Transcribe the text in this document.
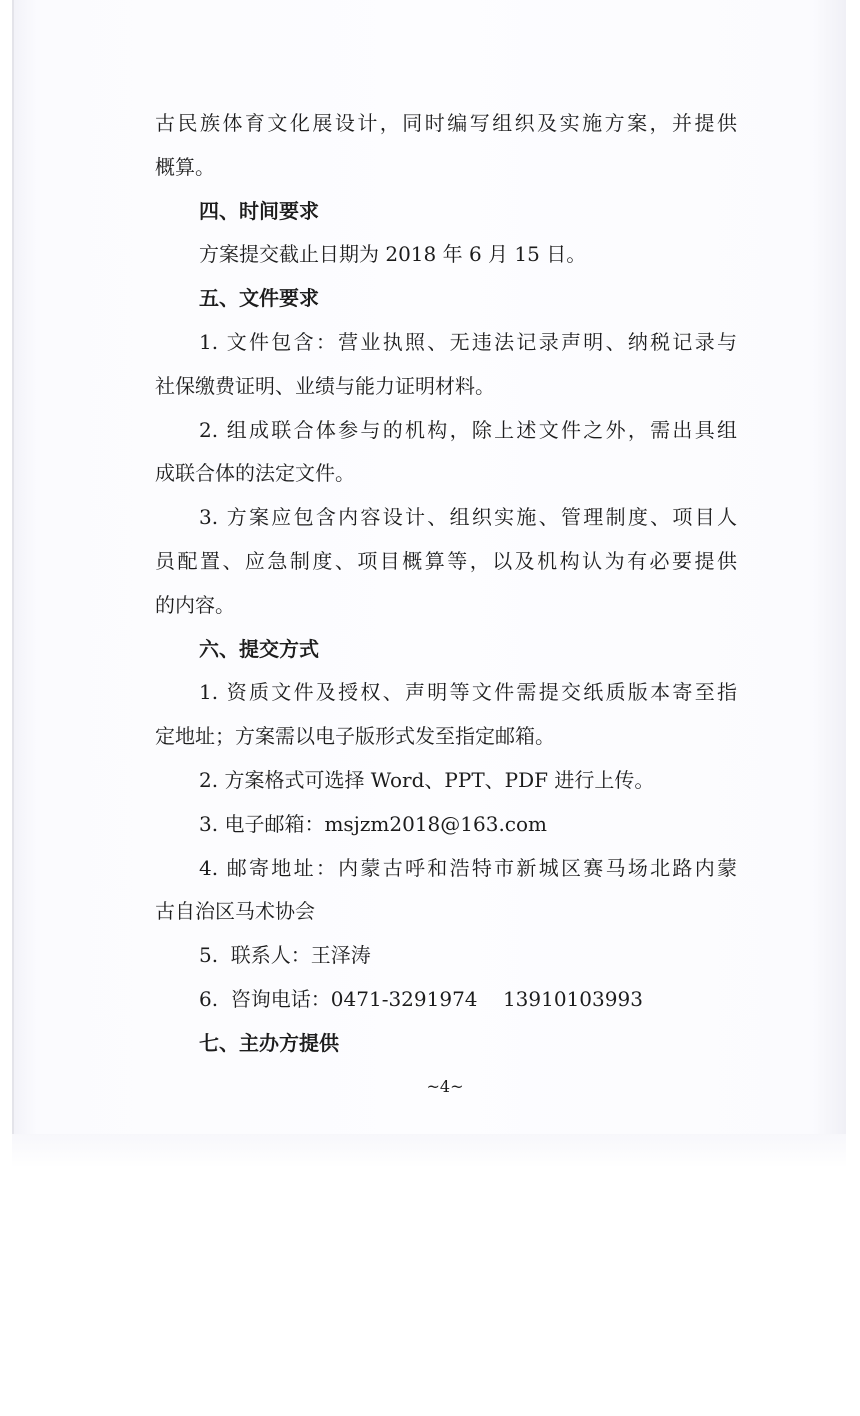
古民族体育文化展设计，同时编写组织及实施方案，并提供
概算。
四、时间要求
方案提交截止日期为 2018 年 6 月 15 日。
五、文件要求
1. 文件包含：营业执照、无违法记录声明、纳税记录与
社保缴费证明、业绩与能力证明材料。
2. 组成联合体参与的机构，除上述文件之外，需出具组
成联合体的法定文件。
3. 方案应包含内容设计、组织实施、管理制度、项目人
员配置、应急制度、项目概算等，以及机构认为有必要提供
的内容。
六、提交方式
1. 资质文件及授权、声明等文件需提交纸质版本寄至指
定地址；方案需以电子版形式发至指定邮箱。
2. 方案格式可选择 Word、PPT、PDF 进行上传。
3. 电子邮箱：msjzm2018@163.com
4. 邮寄地址：内蒙古呼和浩特市新城区赛马场北路内蒙
古自治区马术协会
5.  联系人：王泽涛
6.  咨询电话：0471-3291974    13910103993
七、主办方提供
~4~
